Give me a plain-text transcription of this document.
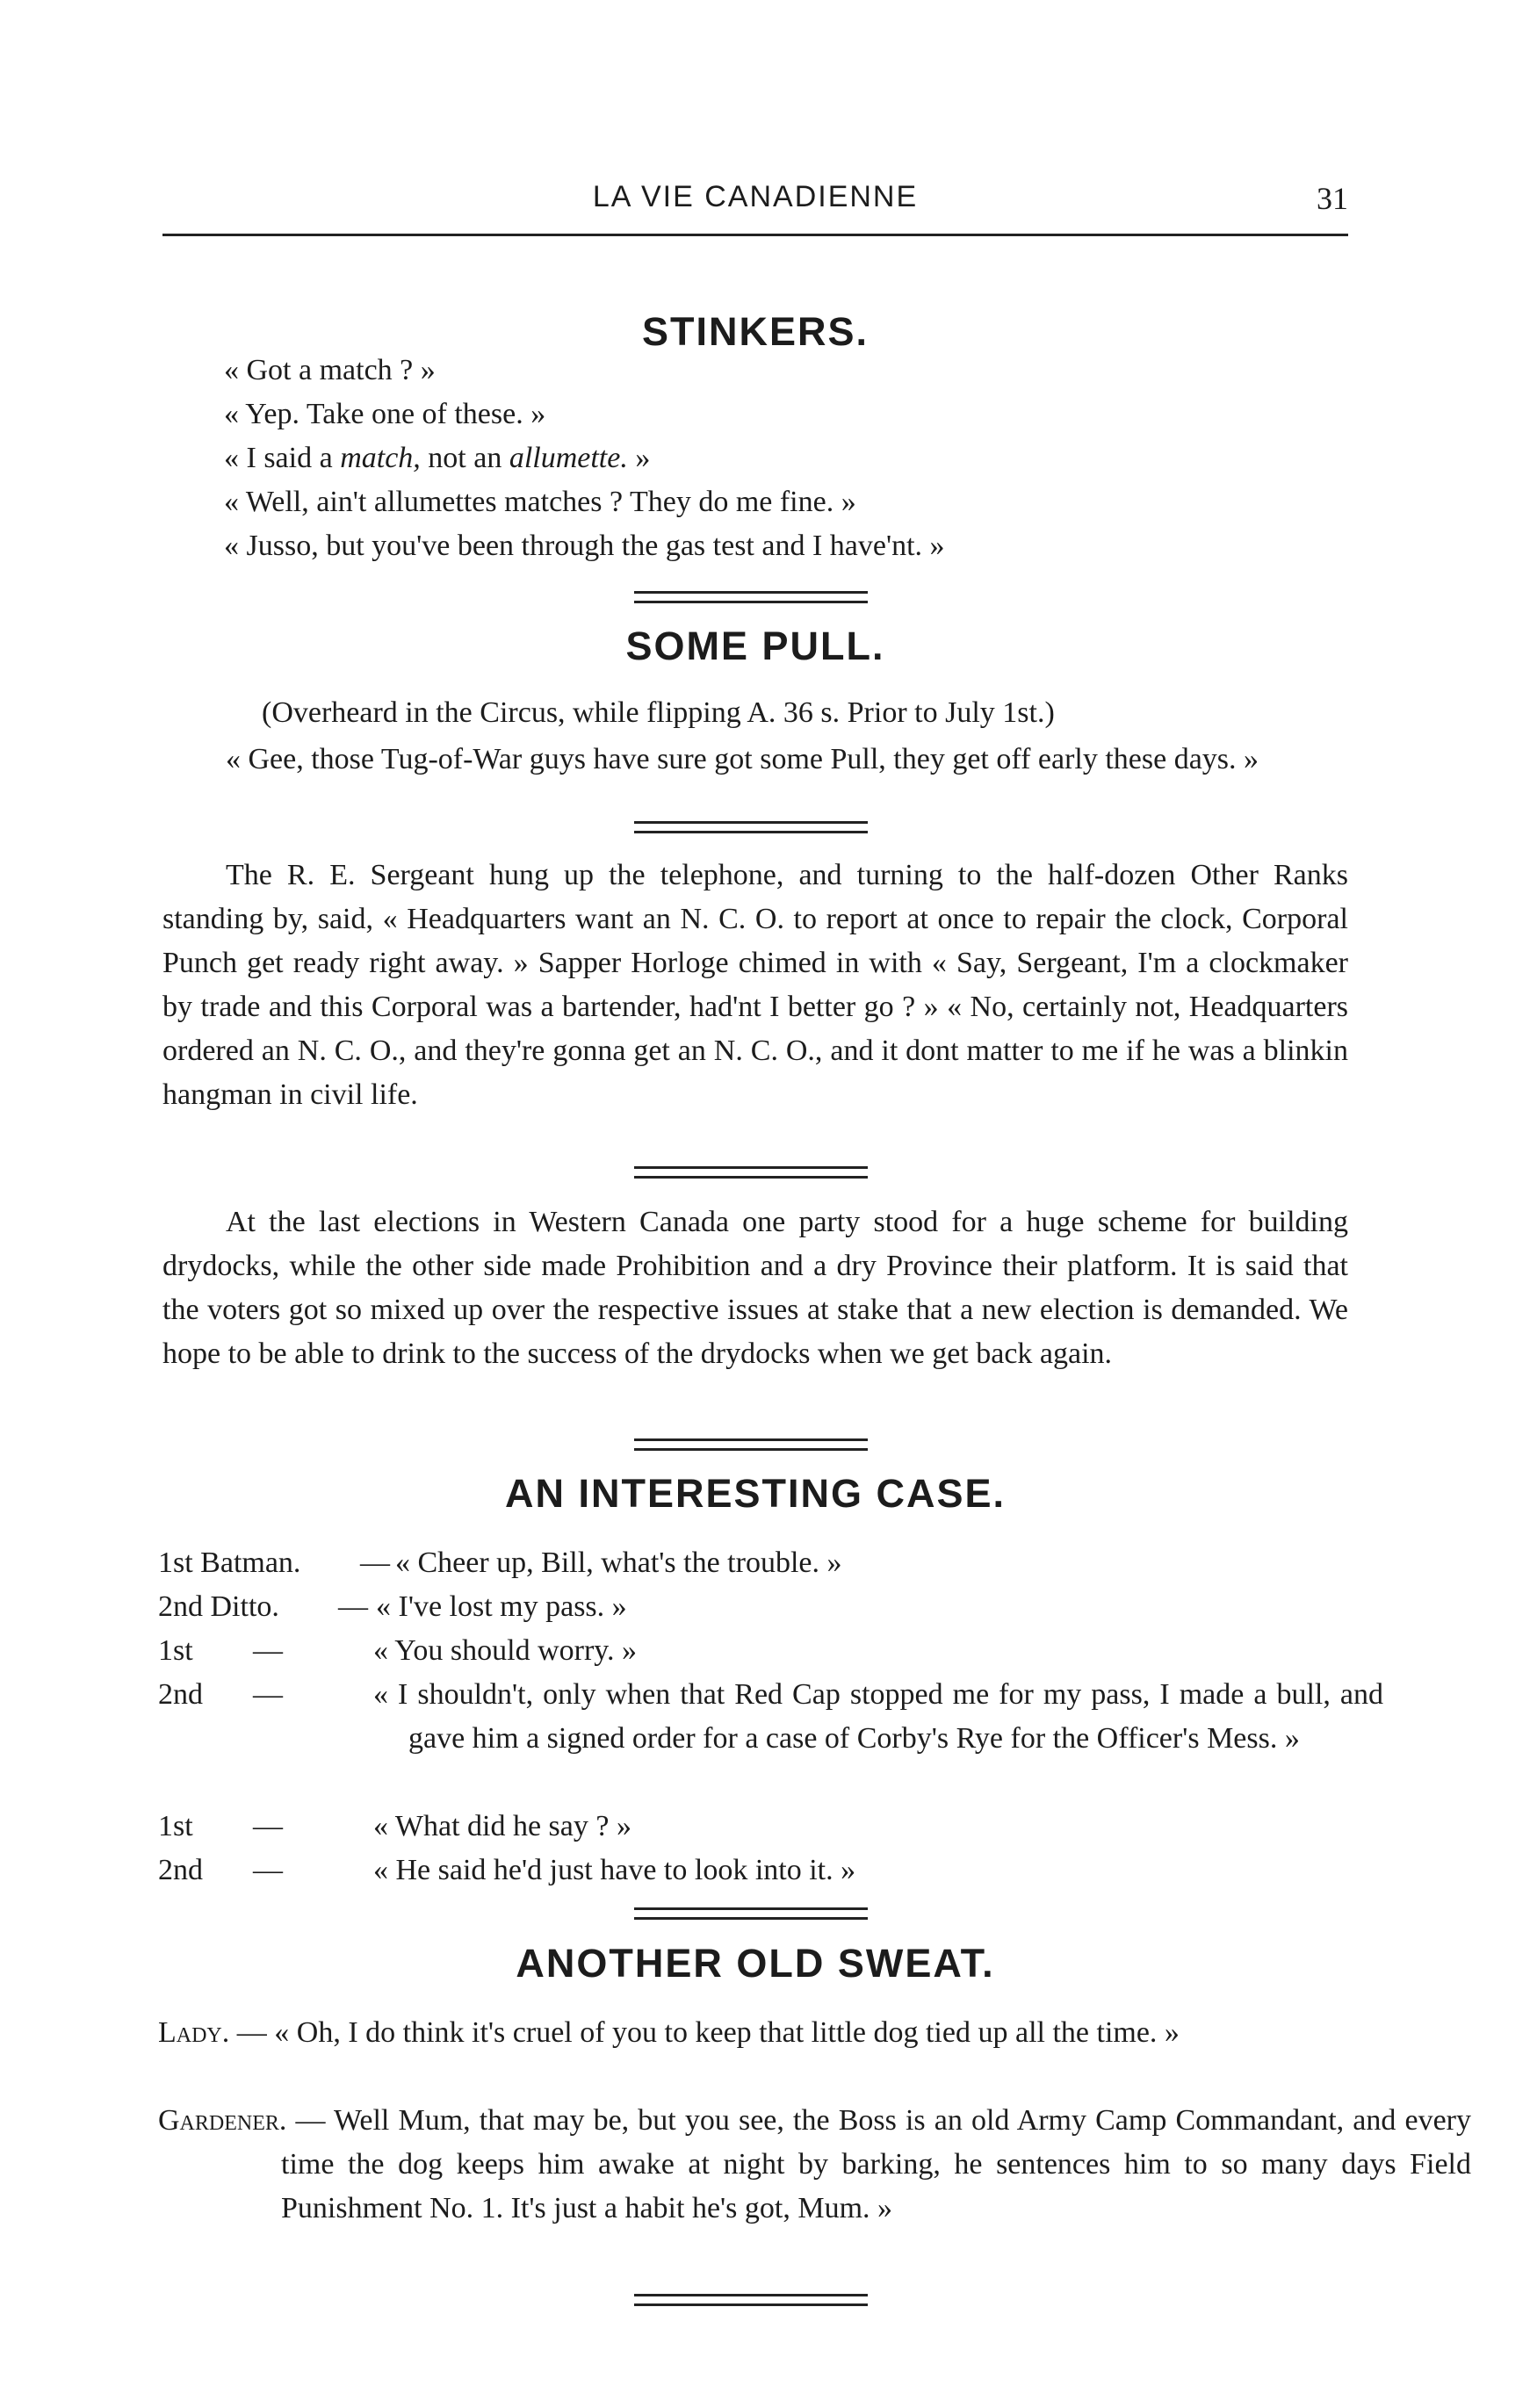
LA VIE CANADIENNE	31
STINKERS.

« Got a match ? »

« Yep. Take one of these. »

« I said a match, not an allumette. »

« Well, ain't allumettes matches ? They do me fine. »

« Jusso, but you've been through the gas test and I have'nt. »

SOME PULL.

(Overheard in the Circus, while flipping A. 36 s. Prior to July 1st.)

« Gee, those Tug-of-War guys have sure got some Pull, they get off early these days. »

The R. E. Sergeant hung up the telephone, and turning to the half-dozen Other Ranks standing by, said, « Headquarters want an N. C. O. to report at once to repair the clock, Corporal Punch get ready right away. » Sapper Horloge chimed in with « Say, Sergeant, I'm a clockmaker by trade and this Corporal was a bartender, had'nt I better go ? » « No, certainly not, Headquarters ordered an N. C. O., and they're gonna get an N. C. O., and it dont matter to me if he was a blinkin hangman in civil life.

At the last elections in Western Canada one party stood for a huge scheme for building drydocks, while the other side made Prohibition and a dry Province their platform. It is said that the voters got so mixed up over the respective issues at stake that a new election is demanded. We hope to be able to drink to the success of the drydocks when we get back again.

AN INTERESTING CASE.
1st Batman. — « Cheer up, Bill, what's the trouble. »
2nd Ditto. — « I've lost my pass. »
1st —	« You should worry. »
2nd —	« I shouldn't, only when that Red Cap stopped me for my pass, I made a bull, and gave him a signed order for a case of Corby's Rye for the Officer's Mess. »
1st —	« What did he say ? »
2nd —	« He said he'd just have to look into it. »
ANOTHER OLD SWEAT.

Lady. — « Oh, I do think it's cruel of you to keep that little dog tied up all the time. »

Gardener. — Well Mum, that may be, but you see, the Boss is an old Army Camp Commandant, and every time the dog keeps him awake at night by barking, he sentences him to so many days Field Punishment No. 1. It's just a habit he's got, Mum. »
